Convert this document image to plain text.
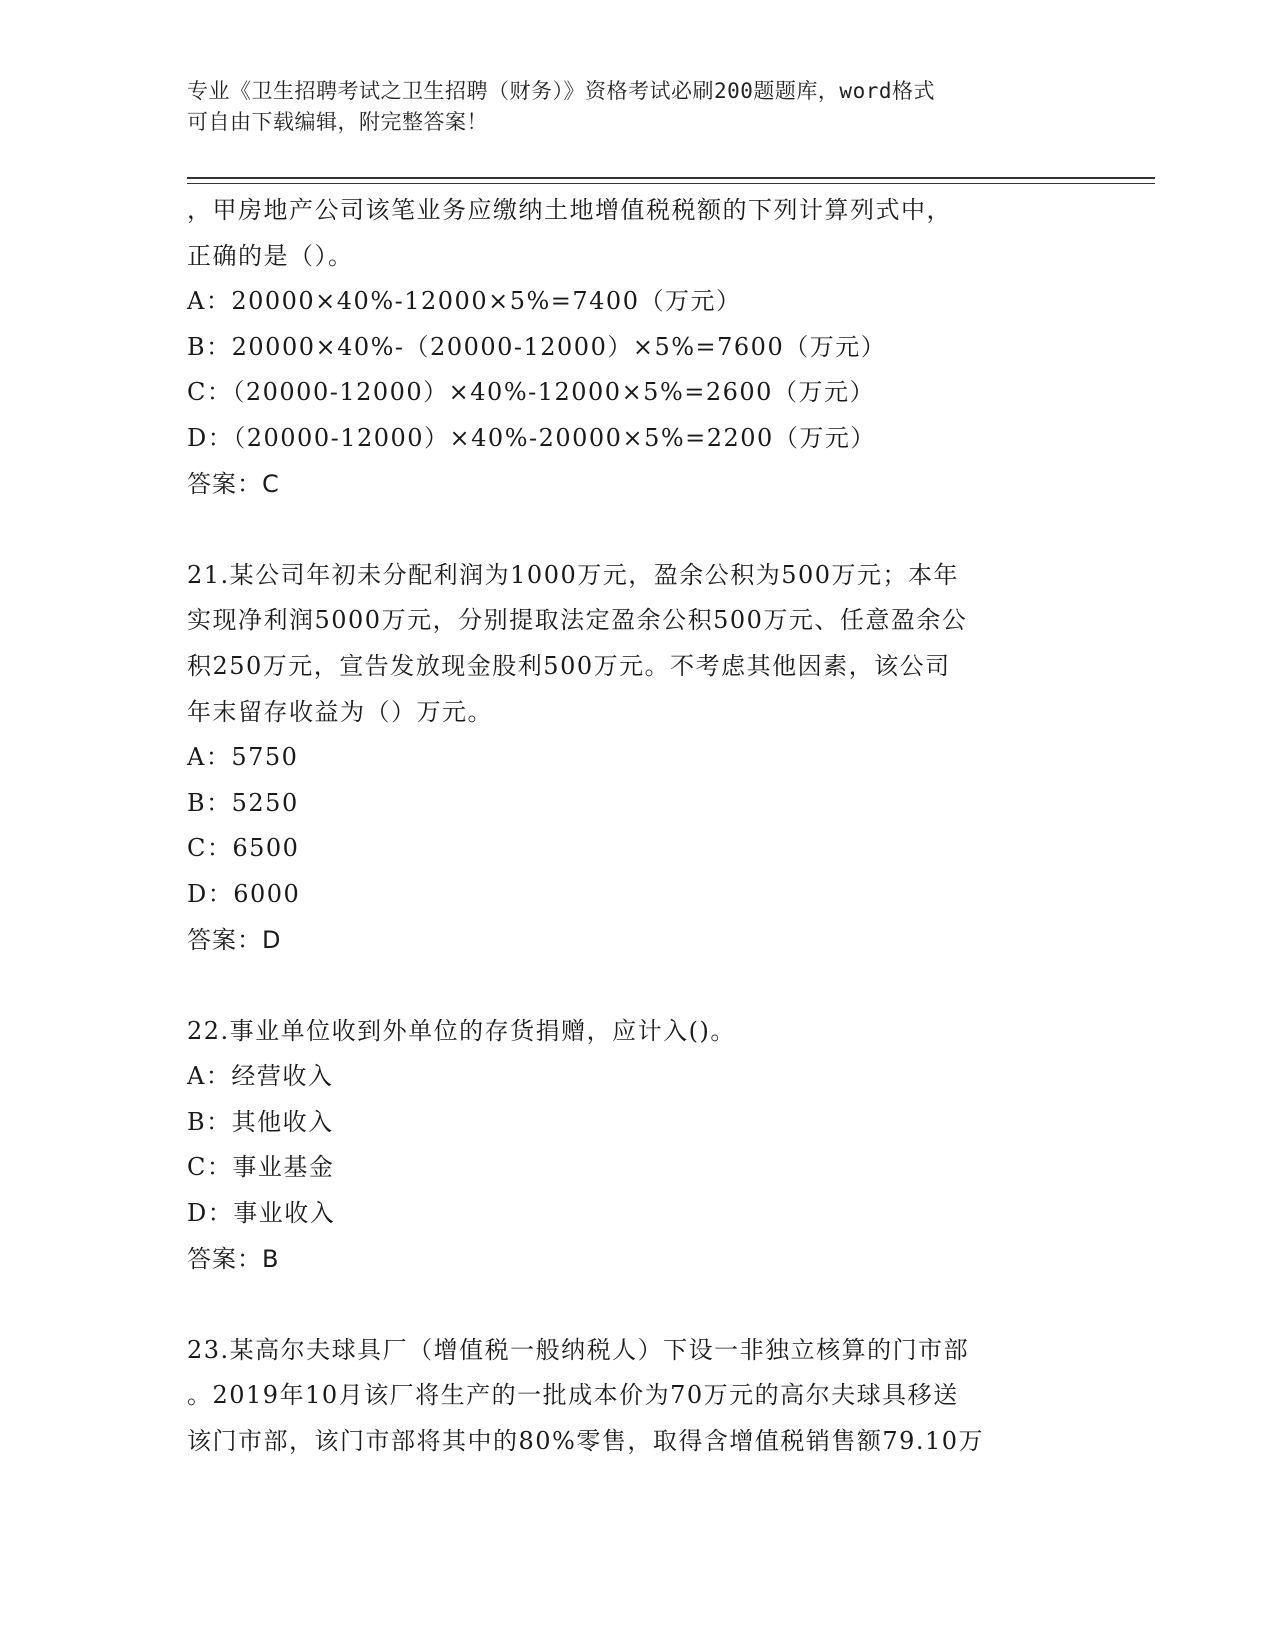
专业《卫生招聘考试之卫生招聘（财务）》资格考试必刷200题题库，word格式
可自由下载编辑，附完整答案！
，甲房地产公司该笔业务应缴纳土地增值税税额的下列计算列式中，
正确的是（）。
A：20000×40%-12000×5%=7400（万元）
B：20000×40%-（20000-12000）×5%=7600（万元）
C：（20000-12000）×40%-12000×5%=2600（万元）
D：（20000-12000）×40%-20000×5%=2200（万元）
答案：C
21.某公司年初未分配利润为1000万元，盈余公积为500万元；本年
实现净利润5000万元，分别提取法定盈余公积500万元、任意盈余公
积250万元，宣告发放现金股利500万元。不考虑其他因素，该公司
年末留存收益为（）万元。
A：5750
B：5250
C：6500
D：6000
答案：D
22.事业单位收到外单位的存货捐赠，应计入()。
A：经营收入
B：其他收入
C：事业基金
D：事业收入
答案：B
23.某高尔夫球具厂（增值税一般纳税人）下设一非独立核算的门市部
。2019年10月该厂将生产的一批成本价为70万元的高尔夫球具移送
该门市部，该门市部将其中的80%零售，取得含增值税销售额79.10万
